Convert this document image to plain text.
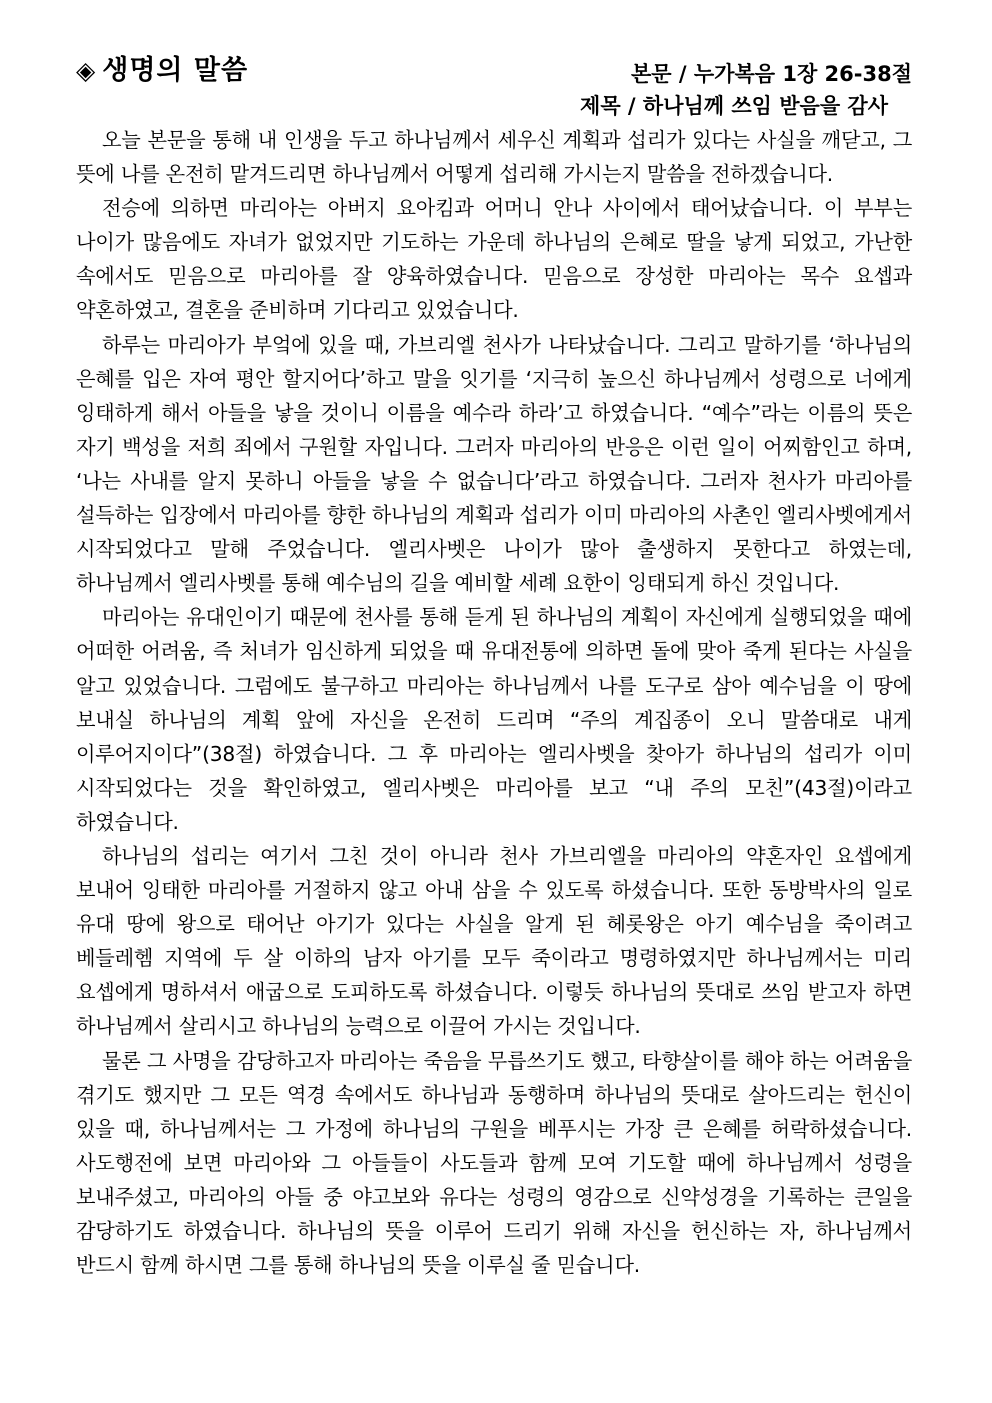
◈ 생명의 말씀	본문 / 누가복음 1장 26-38절
제목 / 하나님께 쓰임 받음을 감사

오늘 본문을 통해 내 인생을 두고 하나님께서 세우신 계획과 섭리가 있다는 사실을 깨닫고, 그 뜻에 나를 온전히 맡겨드리면 하나님께서 어떻게 섭리해 가시는지 말씀을 전하겠습니다.

전승에 의하면 마리아는 아버지 요아킴과 어머니 안나 사이에서 태어났습니다. 이 부부는 나이가 많음에도 자녀가 없었지만 기도하는 가운데 하나님의 은혜로 딸을 낳게 되었고, 가난한 속에서도 믿음으로 마리아를 잘 양육하였습니다. 믿음으로 장성한 마리아는 목수 요셉과 약혼하였고, 결혼을 준비하며 기다리고 있었습니다.

하루는 마리아가 부엌에 있을 때, 가브리엘 천사가 나타났습니다. 그리고 말하기를 ‘하나님의 은혜를 입은 자여 평안 할지어다’하고 말을 잇기를 ‘지극히 높으신 하나님께서 성령으로 너에게 잉태하게 해서 아들을 낳을 것이니 이름을 예수라 하라’고 하였습니다. “예수”라는 이름의 뜻은 자기 백성을 저희 죄에서 구원할 자입니다. 그러자 마리아의 반응은 이런 일이 어찌함인고 하며, ‘나는 사내를 알지 못하니 아들을 낳을 수 없습니다’라고 하였습니다. 그러자 천사가 마리아를 설득하는 입장에서 마리아를 향한 하나님의 계획과 섭리가 이미 마리아의 사촌인 엘리사벳에게서 시작되었다고 말해 주었습니다. 엘리사벳은 나이가 많아 출생하지 못한다고 하였는데, 하나님께서 엘리사벳를 통해 예수님의 길을 예비할 세례 요한이 잉태되게 하신 것입니다.

마리아는 유대인이기 때문에 천사를 통해 듣게 된 하나님의 계획이 자신에게 실행되었을 때에 어떠한 어려움, 즉 처녀가 임신하게 되었을 때 유대전통에 의하면 돌에 맞아 죽게 된다는 사실을 알고 있었습니다. 그럼에도 불구하고 마리아는 하나님께서 나를 도구로 삼아 예수님을 이 땅에 보내실 하나님의 계획 앞에 자신을 온전히 드리며 “주의 계집종이 오니 말씀대로 내게 이루어지이다”(38절) 하였습니다. 그 후 마리아는 엘리사벳을 찾아가 하나님의 섭리가 이미 시작되었다는 것을 확인하였고, 엘리사벳은 마리아를 보고 “내 주의 모친”(43절)이라고 하였습니다.

하나님의 섭리는 여기서 그친 것이 아니라 천사 가브리엘을 마리아의 약혼자인 요셉에게 보내어 잉태한 마리아를 거절하지 않고 아내 삼을 수 있도록 하셨습니다. 또한 동방박사의 일로 유대 땅에 왕으로 태어난 아기가 있다는 사실을 알게 된 헤롯왕은 아기 예수님을 죽이려고 베들레헴 지역에 두 살 이하의 남자 아기를 모두 죽이라고 명령하였지만 하나님께서는 미리 요셉에게 명하셔서 애굽으로 도피하도록 하셨습니다. 이렇듯 하나님의 뜻대로 쓰임 받고자 하면 하나님께서 살리시고 하나님의 능력으로 이끌어 가시는 것입니다.

물론 그 사명을 감당하고자 마리아는 죽음을 무릅쓰기도 했고, 타향살이를 해야 하는 어려움을 겪기도 했지만 그 모든 역경 속에서도 하나님과 동행하며 하나님의 뜻대로 살아드리는 헌신이 있을 때, 하나님께서는 그 가정에 하나님의 구원을 베푸시는 가장 큰 은혜를 허락하셨습니다. 사도행전에 보면 마리아와 그 아들들이 사도들과 함께 모여 기도할 때에 하나님께서 성령을 보내주셨고, 마리아의 아들 중 야고보와 유다는 성령의 영감으로 신약성경을 기록하는 큰일을 감당하기도 하였습니다. 하나님의 뜻을 이루어 드리기 위해 자신을 헌신하는 자, 하나님께서 반드시 함께 하시면 그를 통해 하나님의 뜻을 이루실 줄 믿습니다.
